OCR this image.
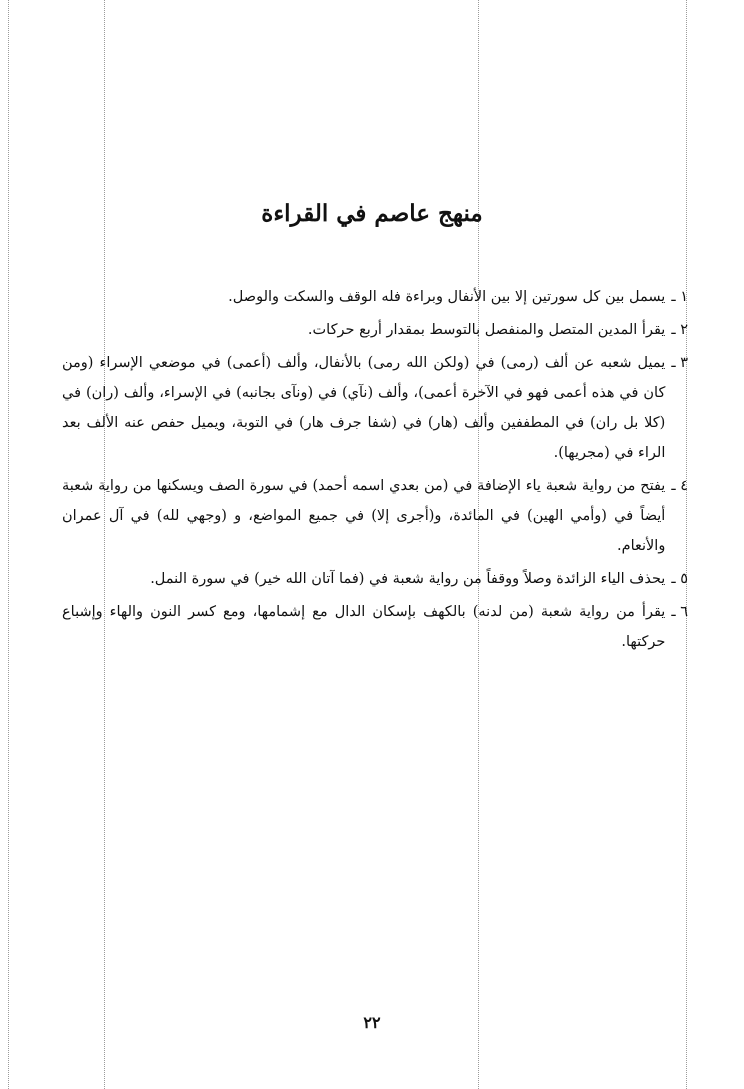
منهج عاصم في القراءة
١ ـ
يسمل بين كل سورتين إلا بين الأنفال وبراءة فله الوقف والسكت والوصل.
٢ ـ
يقرأ المدين المتصل والمنفصل بالتوسط بمقدار أربع حركات.
٣ ـ
يميل شعبه عن ألف (رمى) في (ولكن الله رمى) بالأنفال، وألف (أعمى) في موضعي الإسراء (ومن كان في هذه أعمى فهو في الآخرة أعمى)، وألف (نآي) في (ونآى بجانبه) في الإسراء، وألف (ران) في (كلا بل ران) في المطففين وألف (هار) في (شفا جرف هار) في التوبة، ويميل حفص عنه الألف بعد الراء في (مجريها).
٤ ـ
يفتح من رواية شعبة ياء الإضافة في (من بعدي اسمه أحمد) في سورة الصف ويسكنها من رواية شعبة أيضاً في (وأمي الهين) في المائدة، و(أجرى إلا) في جميع المواضع، و (وجهي لله) في آل عمران والأنعام.
٥ ـ
يحذف الياء الزائدة وصلاً ووقفاً من رواية شعبة في (فما آتان الله خير) في سورة النمل.
٦ ـ
يقرأ من رواية شعبة (من لدنه) بالكهف بإسكان الدال مع إشمامها، ومع كسر النون والهاء وإشباع حركتها.
٢٢
